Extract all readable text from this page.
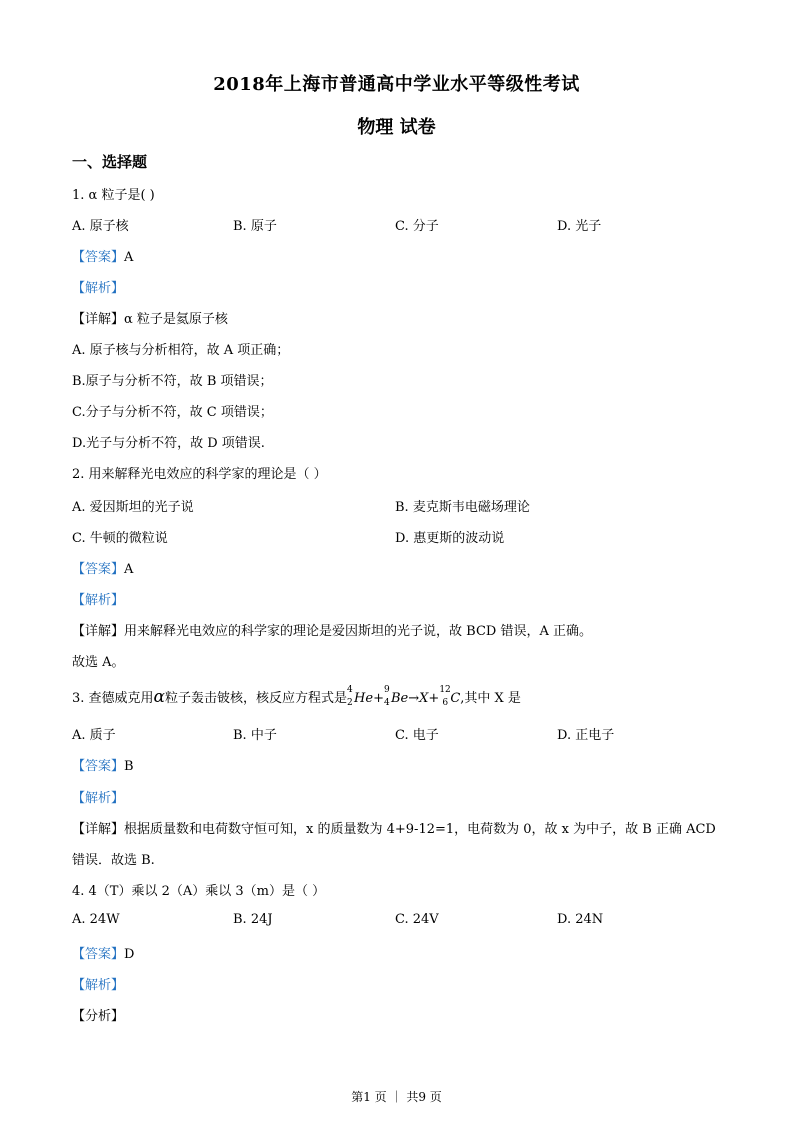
2018年上海市普通高中学业水平等级性考试
物理 试卷
一、选择题
1. α 粒子是( )
A. 原子核	B. 原子	C. 分子	D. 光子
【答案】A
【解析】
【详解】α 粒子是氦原子核
A. 原子核与分析相符，故 A 项正确；
B.原子与分析不符，故 B 项错误；
C.分子与分析不符，故 C 项错误；
D.光子与分析不符，故 D 项错误.
2. 用来解释光电效应的科学家的理论是（ ）
A. 爱因斯坦的光子说	B. 麦克斯韦电磁场理论
C. 牛顿的微粒说	D. 惠更斯的波动说
【答案】A
【解析】
【详解】用来解释光电效应的科学家的理论是爱因斯坦的光子说，故 BCD 错误，A 正确。
故选 A。
3. 查德威克用α粒子轰击铍核，核反应方程式是
4
2 He+
9
4 Be→X+
12
6 C,其中 X 是
A. 质子	B. 中子	C. 电子	D. 正电子
【答案】B
【解析】
【详解】根据质量数和电荷数守恒可知，x 的质量数为 4+9-12=1，电荷数为 0，故 x 为中子，故 B 正确 ACD
错误．故选 B.
4. 4（T）乘以 2（A）乘以 3（m）是（ ）
A. 24W	B. 24J	C. 24V	D. 24N
【答案】D
【解析】
【分析】
第1 页 ｜ 共9 页
